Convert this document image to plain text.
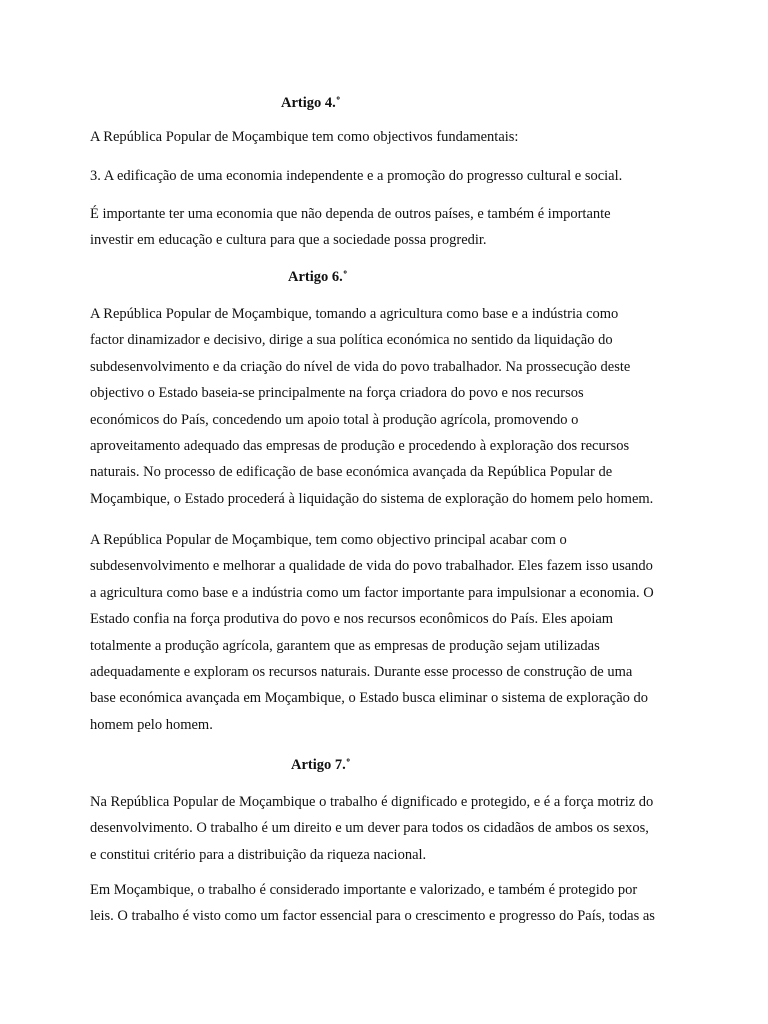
Artigo 4.˚

A República Popular de Moçambique tem como objectivos fundamentais:

3. A edificação de uma economia independente e a promoção do progresso cultural e social.

É importante ter uma economia que não dependa de outros países, e também é importante
investir em educação e cultura para que a sociedade possa progredir.

Artigo 6.˚

A República Popular de Moçambique, tomando a agricultura como base e a indústria como
factor dinamizador e decisivo, dirige a sua política económica no sentido da liquidação do
subdesenvolvimento e da criação do nível de vida do povo trabalhador. Na prossecução deste
objectivo o Estado baseia-se principalmente na força criadora do povo e nos recursos
económicos do País, concedendo um apoio total à produção agrícola, promovendo o
aproveitamento adequado das empresas de produção e procedendo à exploração dos recursos
naturais. No processo de edificação de base económica avançada da República Popular de
Moçambique, o Estado procederá à liquidação do sistema de exploração do homem pelo homem.

A República Popular de Moçambique, tem como objectivo principal acabar com o
subdesenvolvimento e melhorar a qualidade de vida do povo trabalhador. Eles fazem isso usando
a agricultura como base e a indústria como um factor importante para impulsionar a economia. O
Estado confia na força produtiva do povo e nos recursos econômicos do País. Eles apoiam
totalmente a produção agrícola, garantem que as empresas de produção sejam utilizadas
adequadamente e exploram os recursos naturais. Durante esse processo de construção de uma
base económica avançada em Moçambique, o Estado busca eliminar o sistema de exploração do
homem pelo homem.

Artigo 7.˚

Na República Popular de Moçambique o trabalho é dignificado e protegido, e é a força motriz do
desenvolvimento. O trabalho é um direito e um dever para todos os cidadãos de ambos os sexos,
e constitui critério para a distribuição da riqueza nacional.

Em Moçambique, o trabalho é considerado importante e valorizado, e também é protegido por
leis. O trabalho é visto como um factor essencial para o crescimento e progresso do País, todas as
